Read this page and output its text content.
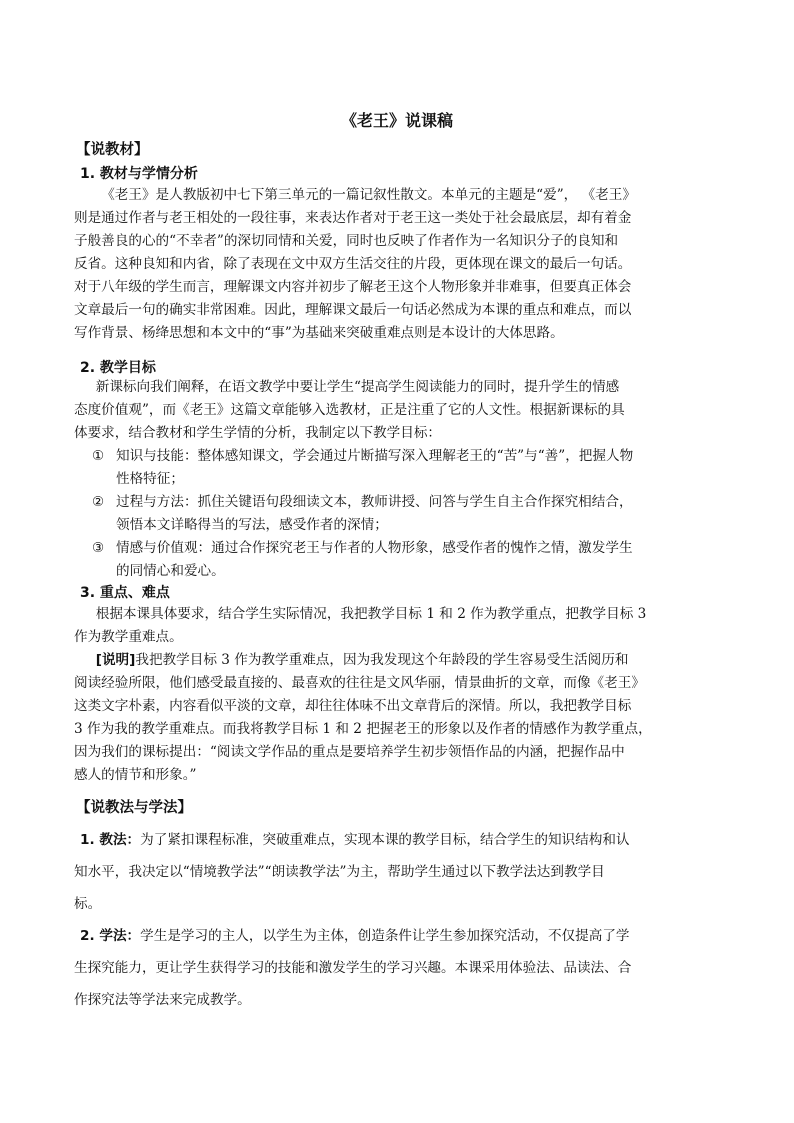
《老王》说课稿
【说教材】
1. 教材与学情分析
《老王》是人教版初中七下第三单元的一篇记叙性散文。本单元的主题是“爱”， 《老王》
则是通过作者与老王相处的一段往事，来表达作者对于老王这一类处于社会最底层，却有着金
子般善良的心的“不幸者”的深切同情和关爱，同时也反映了作者作为一名知识分子的良知和
反省。这种良知和内省，除了表现在文中双方生活交往的片段，更体现在课文的最后一句话。
对于八年级的学生而言，理解课文内容并初步了解老王这个人物形象并非难事，但要真正体会
文章最后一句的确实非常困难。因此，理解课文最后一句话必然成为本课的重点和难点，而以
写作背景、杨绛思想和本文中的“事”为基础来突破重难点则是本设计的大体思路。
2. 教学目标
新课标向我们阐释，在语文教学中要让学生“提高学生阅读能力的同时，提升学生的情感
态度价值观”，而《老王》这篇文章能够入选教材，正是注重了它的人文性。根据新课标的具
体要求，结合教材和学生学情的分析，我制定以下教学目标：
① 知识与技能：整体感知课文，学会通过片断描写深入理解老王的“苦”与“善”，把握人物
性格特征；
② 过程与方法：抓住关键语句段细读文本，教师讲授、问答与学生自主合作探究相结合，
领悟本文详略得当的写法，感受作者的深情；
③ 情感与价值观：通过合作探究老王与作者的人物形象，感受作者的愧怍之情，激发学生
的同情心和爱心。
3. 重点、难点
根据本课具体要求，结合学生实际情况，我把教学目标 1 和 2 作为教学重点，把教学目标 3
作为教学重难点。
[说明]我把教学目标 3 作为教学重难点，因为我发现这个年龄段的学生容易受生活阅历和
阅读经验所限，他们感受最直接的、最喜欢的往往是文风华丽，情景曲折的文章，而像《老王》
这类文字朴素，内容看似平淡的文章，却往往体味不出文章背后的深情。所以，我把教学目标
3 作为我的教学重难点。而我将教学目标 1 和 2 把握老王的形象以及作者的情感作为教学重点，
因为我们的课标提出：“阅读文学作品的重点是要培养学生初步领悟作品的内涵，把握作品中
感人的情节和形象。”
【说教法与学法】
1. 教法：为了紧扣课程标准，突破重难点，实现本课的教学目标，结合学生的知识结构和认
知水平，我决定以“情境教学法”“朗读教学法”为主，帮助学生通过以下教学法达到教学目
标。
2. 学法：学生是学习的主人，以学生为主体，创造条件让学生参加探究活动，不仅提高了学
生探究能力，更让学生获得学习的技能和激发学生的学习兴趣。本课采用体验法、品读法、合
作探究法等学法来完成教学。
